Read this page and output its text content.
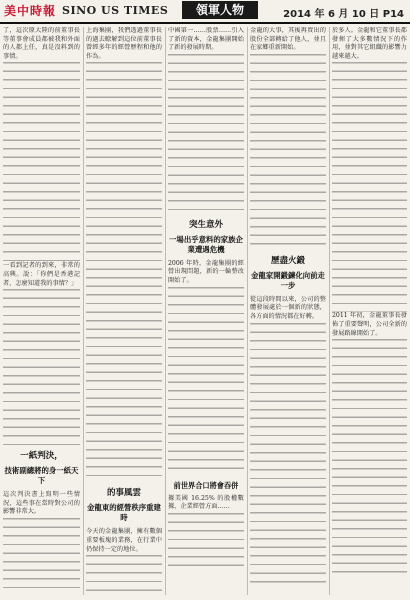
美中時報 SINO US TIMES	領軍人物	2014 年 6 月 10 日 P14

了，這次原大陸的前董事長等董事會成員都被我和外面的人都上任，真是沒料到的事情。

一看到記者的到來，非常的高興。說：「你們是香港記者，怎麼知道我的事情？」

一紙判決，
技術副總將的身一紙天下

這次判決書上寫明一些情況，這些事在當時對公司的影響非常大。

上海集團，我們透過董事長的過去瞭解到這位前董事長曾經多年的經營歷程和他的作為。

的事風雲
金龍東的經營秩序重建時

今天的金龍集團，擁有數個重要板塊的業務，在行業中仍保持一定的地位。

中國第一……股票……引入了新的資本，金龍集團開始了新的發展時期。

突生意外
一場出乎意料的家族企業遭遇危機

2006 年時，金龍集團的經營出現問題，新的一輪整改開始了。

前世界合口將會吞併

據美國 16.25% 的股權數據，企業經營方面……

金龍的大事，其後再賣出的股份全部轉給了他人，並且在家鄉重新開始。

歷盡火鍛
金龍家開鍛鍊化向前走一步

從這段時間以來，公司的整體發展處於一個新的狀態，各方面的情況都在好轉。

於多人。金龍和它董事長都發揮了大多數情況下的作用，並對其它組織的影響力越來越大。

2011 年初，金龍董事長發佈了重要聲明，公司全新的發展路線開始了。
